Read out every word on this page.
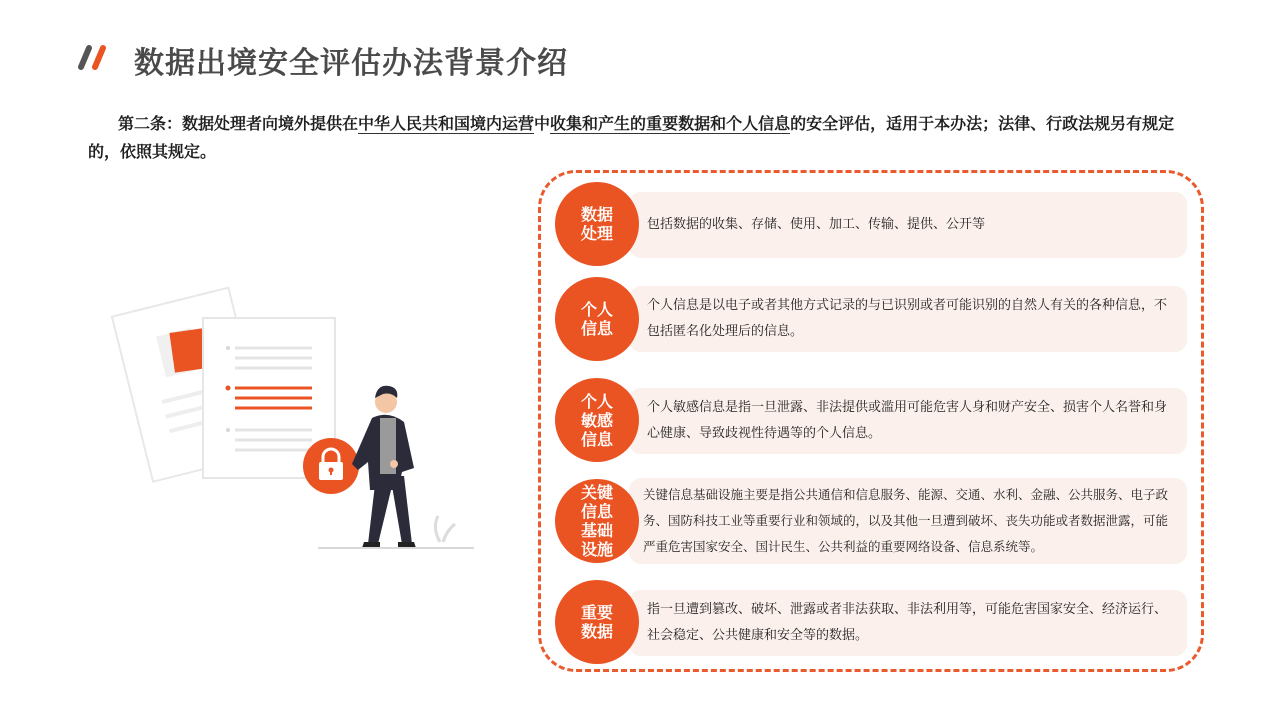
数据出境安全评估办法背景介绍
第二条：数据处理者向境外提供在中华人民共和国境内运营中收集和产生的重要数据和个人信息的安全评估，适用于本办法；法律、行政法规另有规定的，依照其规定。
数据处理	包括数据的收集、存储、使用、加工、传输、提供、公开等
个人信息
个人信息是以电子或者其他方式记录的与已识别或者可能识别的自然人有关的各种信息，不包括匿名化处理后的信息。
个人敏感信息
个人敏感信息是指一旦泄露、非法提供或滥用可能危害人身和财产安全、损害个人名誉和身心健康、导致歧视性待遇等的个人信息。
关键信息基础设施
关键信息基础设施主要是指公共通信和信息服务、能源、交通、水利、金融、公共服务、电子政务、国防科技工业等重要行业和领域的，以及其他一旦遭到破坏、丧失功能或者数据泄露，可能严重危害国家安全、国计民生、公共利益的重要网络设备、信息系统等。
重要数据
指一旦遭到篡改、破坏、泄露或者非法获取、非法利用等，可能危害国家安全、经济运行、社会稳定、公共健康和安全等的数据。
